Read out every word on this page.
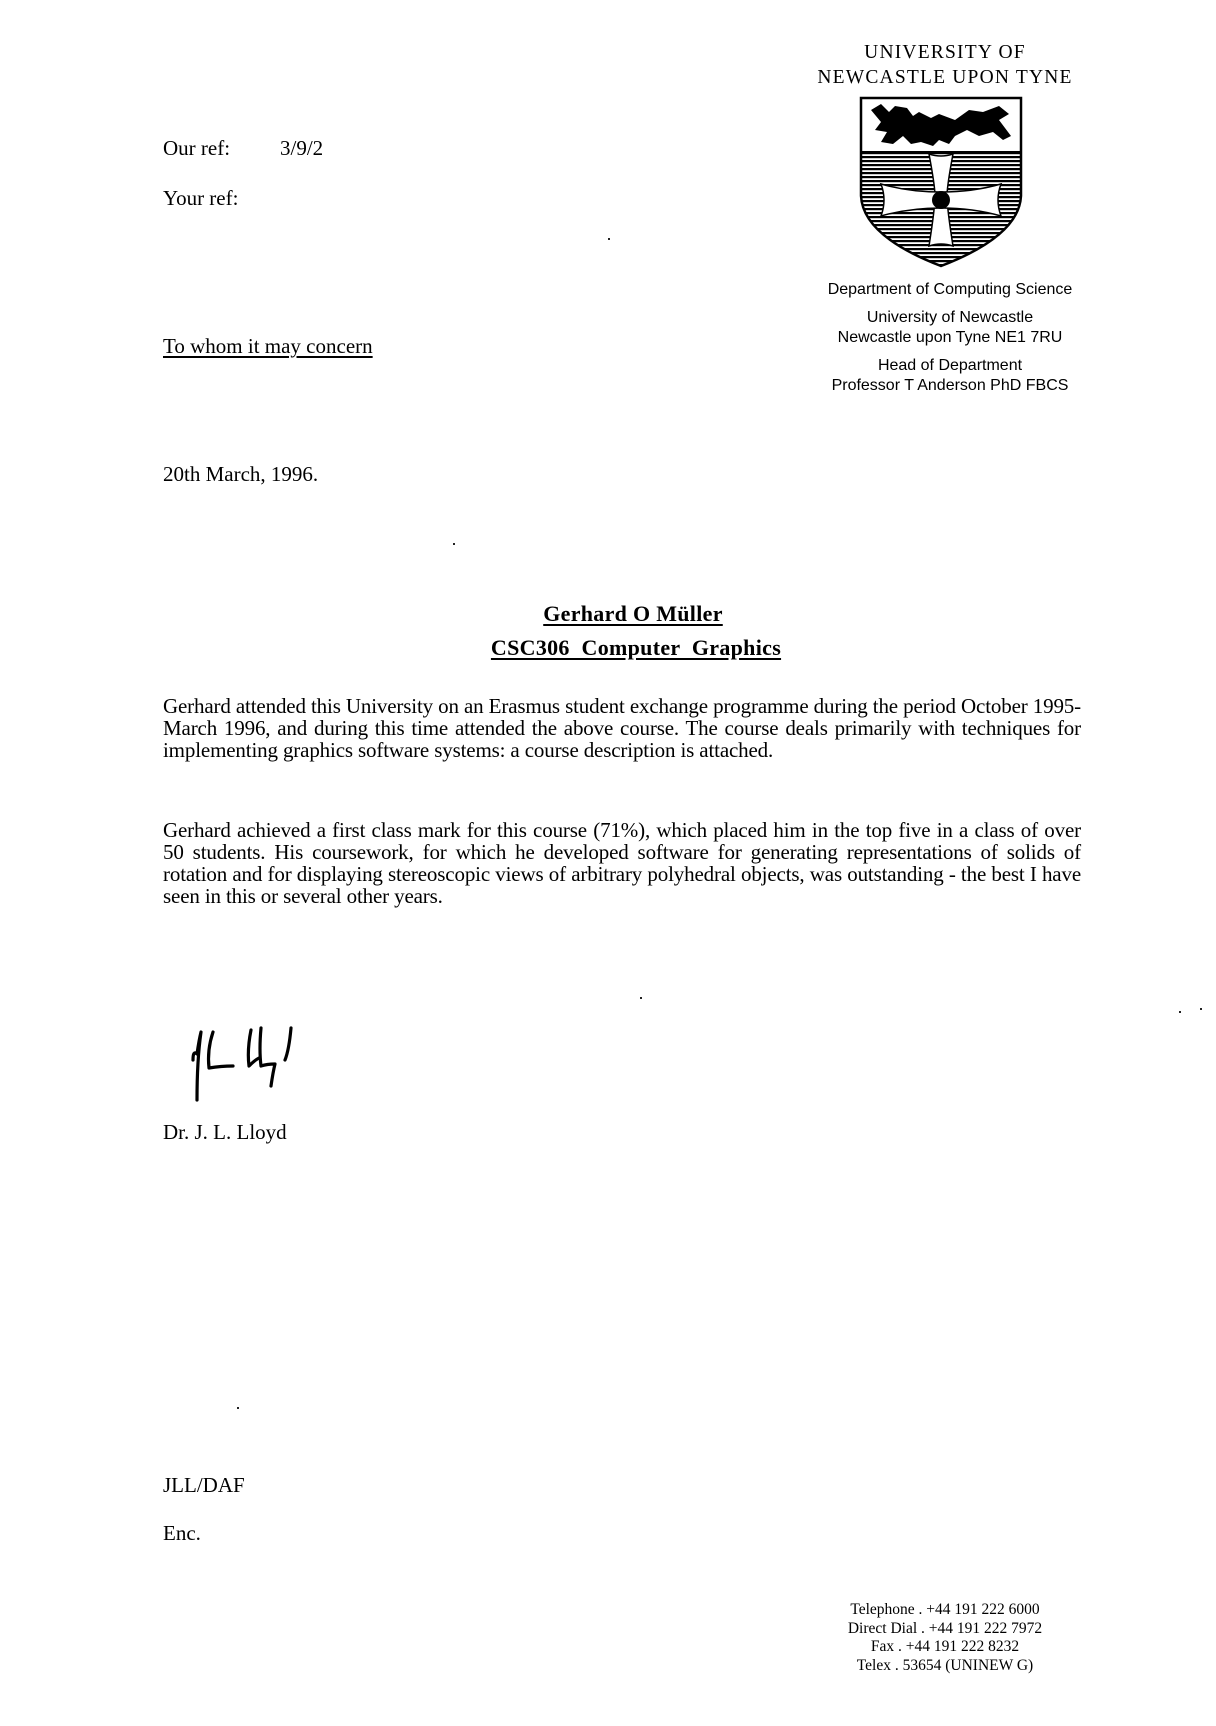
UNIVERSITY OF
NEWCASTLE UPON TYNE
Department of Computing Science
University of Newcastle
Newcastle upon Tyne NE1 7RU
Head of Department
Professor T Anderson PhD FBCS
Our ref: 3/9/2
Your ref:
To whom it may concern
20th March, 1996.
Gerhard O Müller
CSC306 Computer Graphics
Gerhard attended this University on an Erasmus student exchange programme during the period October 1995-March 1996, and during this time attended the above course. The course deals primarily with techniques for implementing graphics software systems: a course description is attached.
Gerhard achieved a first class mark for this course (71%), which placed him in the top five in a class of over 50 students. His coursework, for which he developed software for generating representations of solids of rotation and for displaying stereoscopic views of arbitrary polyhedral objects, was outstanding - the best I have seen in this or several other years.
Dr. J. L. Lloyd
JLL/DAF
Enc.
Telephone . +44 191 222 6000
Direct Dial . +44 191 222 7972
Fax . +44 191 222 8232
Telex . 53654 (UNINEW G)
